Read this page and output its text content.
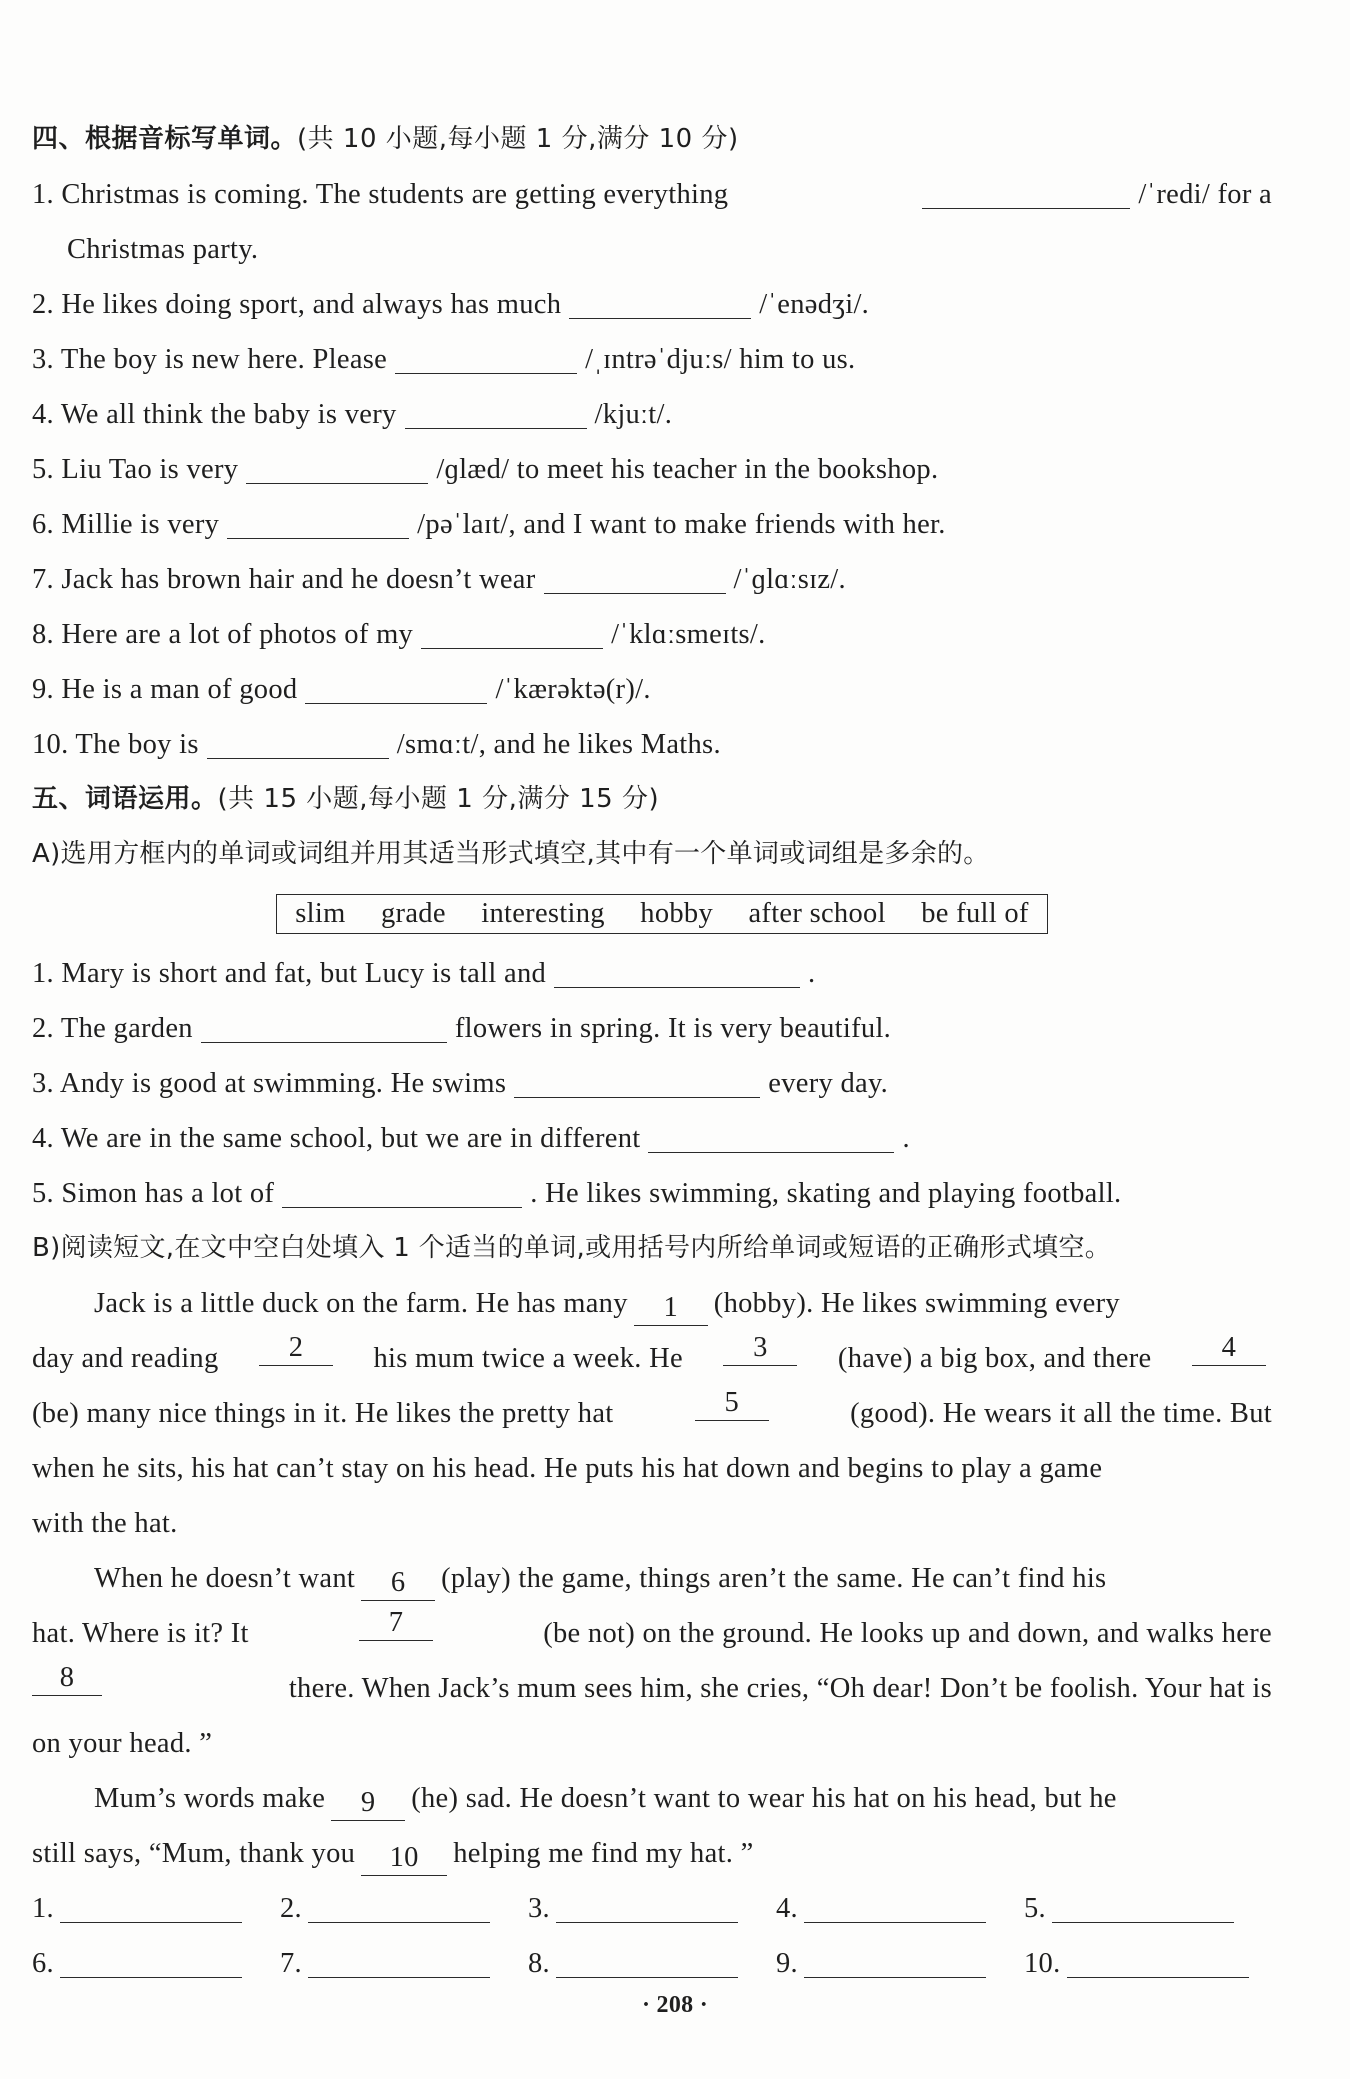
四、根据音标写单词。(共 10 小题,每小题 1 分,满分 10 分)
1. Christmas is coming. The students are getting everything	/ˈredi/ for a
Christmas party.
2. He likes doing sport, and always has much	/ˈenədʒi/.
3. The boy is new here. Please	/ˌɪntrəˈdjuːs/ him to us.
4. We all think the baby is very	/kjuːt/.
5. Liu Tao is very	/ɡlæd/ to meet his teacher in the bookshop.
6. Millie is very	/pəˈlaɪt/, and I want to make friends with her.
7. Jack has brown hair and he doesn’t wear	/ˈɡlɑːsɪz/.
8. Here are a lot of photos of my	/ˈklɑːsmeɪts/.
9. He is a man of good	/ˈkærəktə(r)/.
10. The boy is	/smɑːt/, and he likes Maths.
五、词语运用。(共 15 小题,每小题 1 分,满分 15 分)
A)选用方框内的单词或词组并用其适当形式填空,其中有一个单词或词组是多余的。
slim grade interesting hobby after school be full of
1. Mary is short and fat, but Lucy is tall and	.
2. The garden	flowers in spring. It is very beautiful.
3. Andy is good at swimming. He swims	every day.
4. We are in the same school, but we are in different	.
5. Simon has a lot of	. He likes swimming, skating and playing football.
B)阅读短文,在文中空白处填入 1 个适当的单词,或用括号内所给单词或短语的正确形式填空。
Jack is a little duck on the farm. He has many 1 (hobby). He likes swimming every
day and reading	2	his mum twice a week. He	3	(have) a big box, and there	4
(be) many nice things in it. He likes the pretty hat	5	(good). He wears it all the time. But
when he sits, his hat can’t stay on his head. He puts his hat down and begins to play a game
with the hat.
When he doesn’t want 6 (play) the game, things aren’t the same. He can’t find his
hat. Where is it? It	7	(be not) on the ground. He looks up and down, and walks here
8	there. When Jack’s mum sees him, she cries, “Oh dear! Don’t be foolish. Your hat is
on your head. ”
Mum’s words make 9 (he) sad. He doesn’t want to wear his hat on his head, but he
still says, “Mum, thank you 10 helping me find my hat. ”
1.	2.	3.	4.	5.
6.	7.	8.	9.	10.
· 208 ·
